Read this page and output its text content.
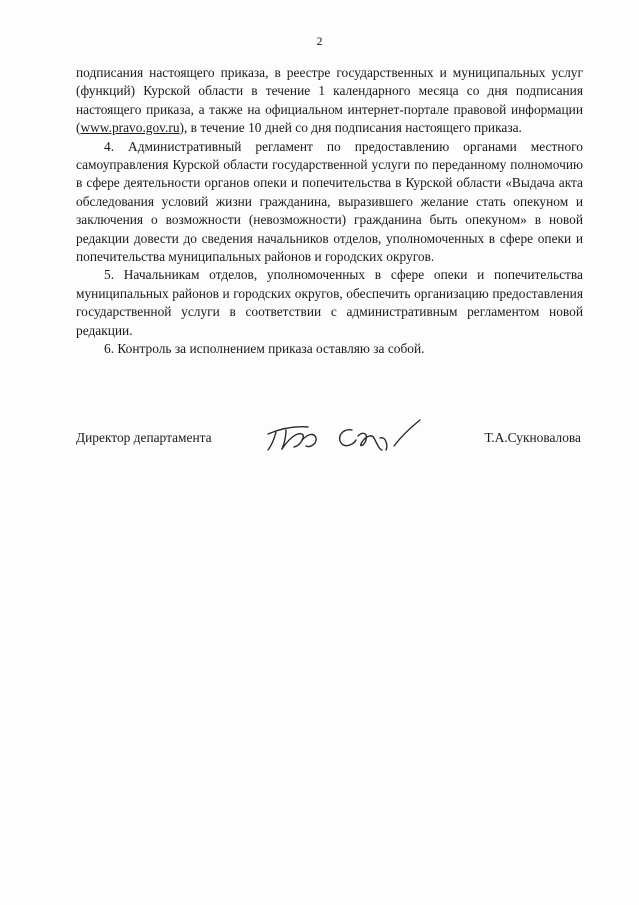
2

подписания настоящего приказа, в реестре государственных и муниципальных услуг (функций) Курской области в течение 1 календарного месяца со дня подписания настоящего приказа, а также на официальном интернет-портале правовой информации (www.pravo.gov.ru), в течение 10 дней со дня подписания настоящего приказа.

4. Административный регламент по предоставлению органами местного самоуправления Курской области государственной услуги по переданному полномочию в сфере деятельности органов опеки и попечительства в Курской области «Выдача акта обследования условий жизни гражданина, выразившего желание стать опекуном и заключения о возможности (невозможности) гражданина быть опекуном» в новой редакции довести до сведения начальников отделов, уполномоченных в сфере опеки и попечительства муниципальных районов и городских округов.

5. Начальникам отделов, уполномоченных в сфере опеки и попечительства муниципальных районов и городских округов, обеспечить организацию предоставления государственной услуги в соответствии с административным регламентом новой редакции.

6. Контроль за исполнением приказа оставляю за собой.

Директор департамента	Т.А.Сукновалова
